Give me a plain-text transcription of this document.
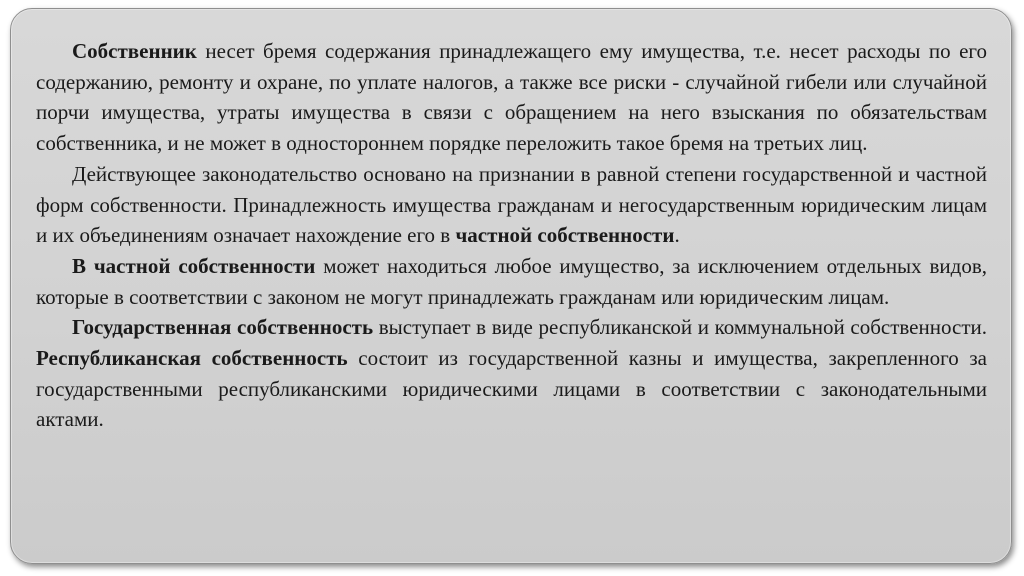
Собственник несет бремя содержания принадлежащего ему имущества, т.е. несет расходы по его содержанию, ремонту и охране, по уплате налогов, а также все риски - случайной гибели или случайной порчи имущества, утраты имущества в связи с обращением на него взыскания по обязательствам собственника, и не может в одностороннем порядке переложить такое бремя на третьих лиц.

Действующее законодательство основано на признании в равной степени государственной и частной форм собственности. Принадлежность имущества гражданам и негосударственным юридическим лицам и их объединениям означает нахождение его в частной собственности.

В частной собственности может находиться любое имущество, за исключением отдельных видов, которые в соответствии с законом не могут принадлежать гражданам или юридическим лицам.

Государственная собственность выступает в виде республиканской и коммунальной собственности. Республиканская собственность состоит из государственной казны и имущества, закрепленного за государственными республиканскими юридическими лицами в соответствии с законодательными актами.
